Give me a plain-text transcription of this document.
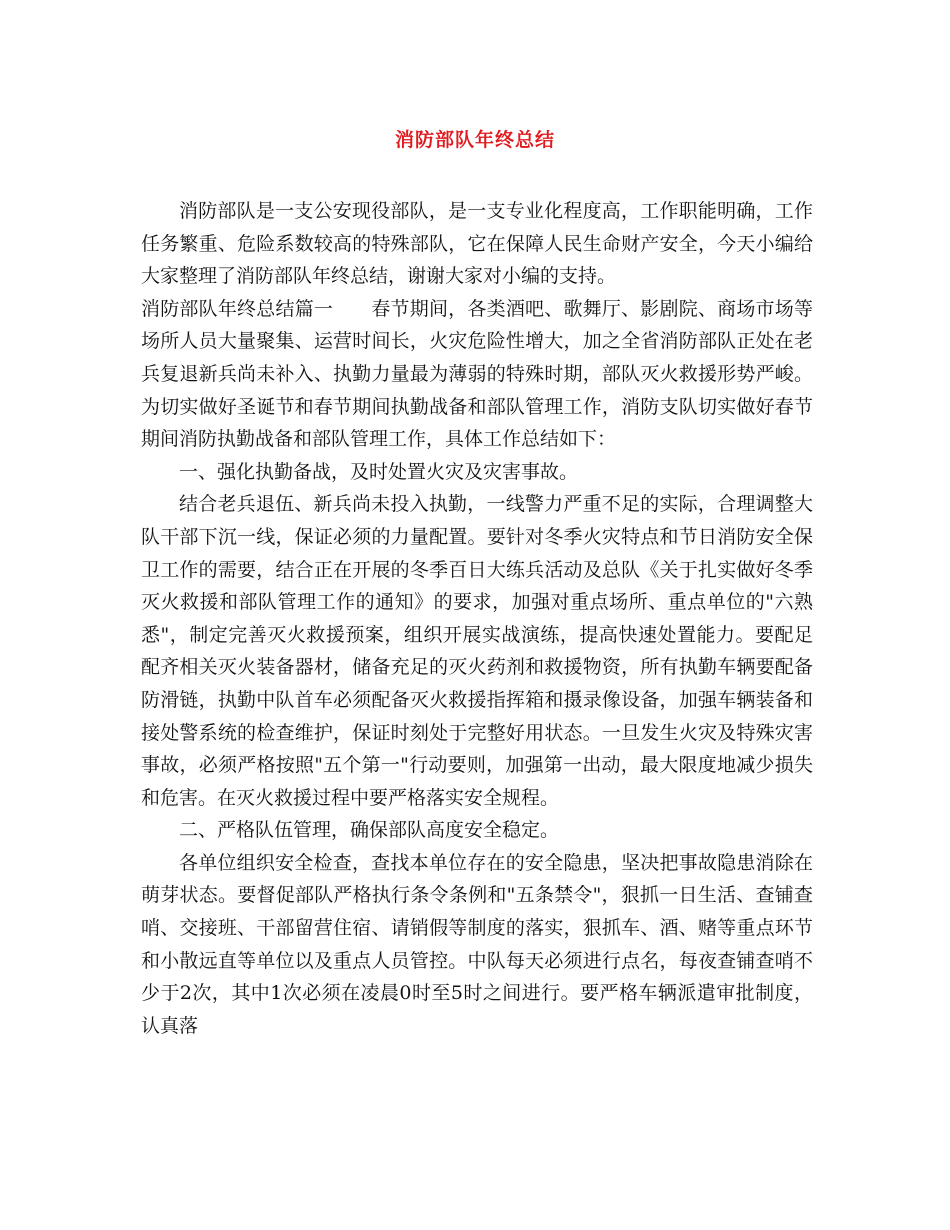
消防部队年终总结

消防部队是一支公安现役部队，是一支专业化程度高，工作职能明确，工作任务繁重、危险系数较高的特殊部队，它在保障人民生命财产安全，今天小编给大家整理了消防部队年终总结，谢谢大家对小编的支持。

消防部队年终总结篇一 春节期间，各类酒吧、歌舞厅、影剧院、商场市场等场所人员大量聚集、运营时间长，火灾危险性增大，加之全省消防部队正处在老兵复退新兵尚未补入、执勤力量最为薄弱的特殊时期，部队灭火救援形势严峻。为切实做好圣诞节和春节期间执勤战备和部队管理工作，消防支队切实做好春节期间消防执勤战备和部队管理工作，具体工作总结如下：

一、强化执勤备战，及时处置火灾及灾害事故。

结合老兵退伍、新兵尚未投入执勤，一线警力严重不足的实际，合理调整大队干部下沉一线，保证必须的力量配置。要针对冬季火灾特点和节日消防安全保卫工作的需要，结合正在开展的冬季百日大练兵活动及总队《关于扎实做好冬季灭火救援和部队管理工作的通知》的要求，加强对重点场所、重点单位的"六熟悉"，制定完善灭火救援预案，组织开展实战演练，提高快速处置能力。要配足配齐相关灭火装备器材，储备充足的灭火药剂和救援物资，所有执勤车辆要配备防滑链，执勤中队首车必须配备灭火救援指挥箱和摄录像设备，加强车辆装备和接处警系统的检查维护，保证时刻处于完整好用状态。一旦发生火灾及特殊灾害事故，必须严格按照"五个第一"行动要则，加强第一出动，最大限度地减少损失和危害。在灭火救援过程中要严格落实安全规程。

二、严格队伍管理，确保部队高度安全稳定。

各单位组织安全检查，查找本单位存在的安全隐患，坚决把事故隐患消除在萌芽状态。要督促部队严格执行条令条例和"五条禁令"，狠抓一日生活、查铺查哨、交接班、干部留营住宿、请销假等制度的落实，狠抓车、酒、赌等重点环节和小散远直等单位以及重点人员管控。中队每天必须进行点名，每夜查铺查哨不少于2次，其中1次必须在凌晨0时至5时之间进行。要严格车辆派遣审批制度，认真落
